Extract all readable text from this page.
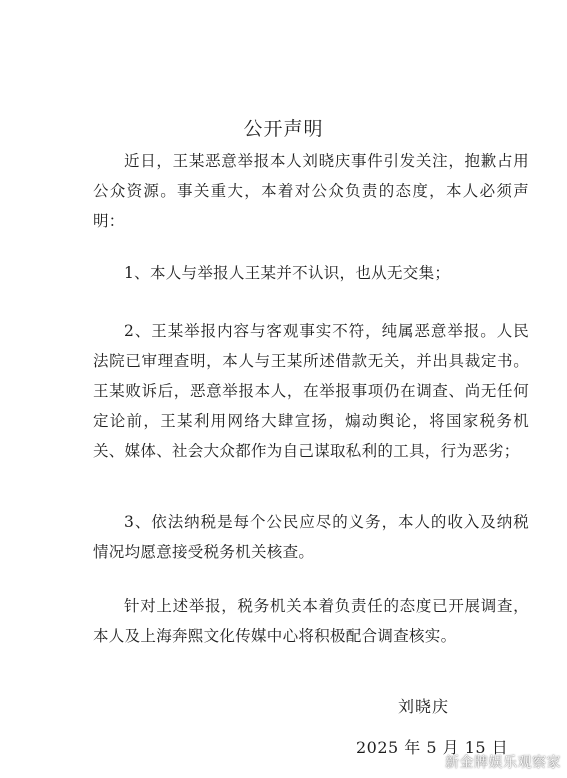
公开声明

近日，王某恶意举报本人刘晓庆事件引发关注，抱歉占用公众资源。事关重大，本着对公众负责的态度，本人必须声明：

1、本人与举报人王某并不认识，也从无交集；

2、王某举报内容与客观事实不符，纯属恶意举报。人民法院已审理查明，本人与王某所述借款无关，并出具裁定书。王某败诉后，恶意举报本人，在举报事项仍在调查、尚无任何定论前，王某利用网络大肆宣扬，煽动舆论，将国家税务机关、媒体、社会大众都作为自己谋取私利的工具，行为恶劣；

3、依法纳税是每个公民应尽的义务，本人的收入及纳税情况均愿意接受税务机关核查。

针对上述举报，税务机关本着负责任的态度已开展调查，本人及上海奔熙文化传媒中心将积极配合调查核实。

刘晓庆
2025 年 5 月 15 日
新金牌娱乐观察家
